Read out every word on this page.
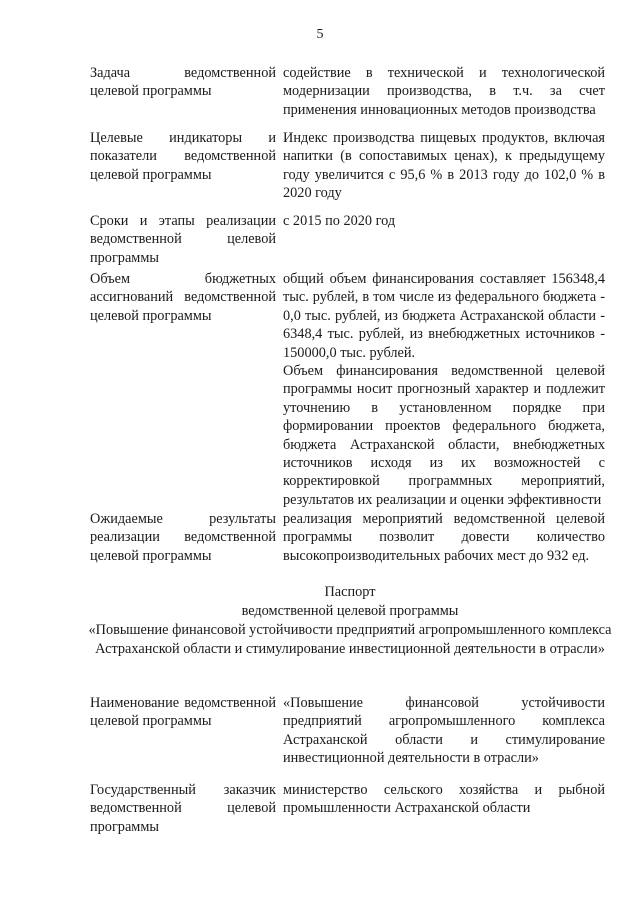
5
Задача ведомственной целевой программы

содействие в технической и технологической модернизации производства, в т.ч. за счет применения инновационных методов производства

Целевые индикаторы и показатели ведомственной целевой программы

Индекс производства пищевых продуктов, включая напитки (в сопоставимых ценах), к предыдущему году увеличится с 95,6 % в 2013 году до 102,0 % в 2020 году

Сроки и этапы реализации ведомственной целевой программы

с 2015 по 2020 год

Объем бюджетных ассигнований ведомственной целевой программы

общий объем финансирования составляет 156348,4 тыс. рублей, в том числе из федерального бюджета - 0,0 тыс. рублей, из бюджета Астраханской области - 6348,4 тыс. рублей, из внебюджетных источников - 150000,0 тыс. рублей.

Объем финансирования ведомственной целевой программы носит прогнозный характер и подлежит уточнению в установленном порядке при формировании проектов федерального бюджета, бюджета Астраханской области, внебюджетных источников исходя из их возможностей с корректировкой программных мероприятий, результатов их реализации и оценки эффективности

Ожидаемые результаты реализации ведомственной целевой программы

реализация мероприятий ведомственной целевой программы позволит довести количество высокопроизводительных рабочих мест до 932 ед.

Паспорт
ведомственной целевой программы
«Повышение финансовой устойчивости предприятий агропромышленного комплекса Астраханской области и стимулирование инвестиционной деятельности в отрасли»
Наименование ведомственной целевой программы

«Повышение финансовой устойчивости предприятий агропромышленного комплекса Астраханской области и стимулирование инвестиционной деятельности в отрасли»

Государственный заказчик ведомственной целевой программы

министерство сельского хозяйства и рыбной промышленности Астраханской области
